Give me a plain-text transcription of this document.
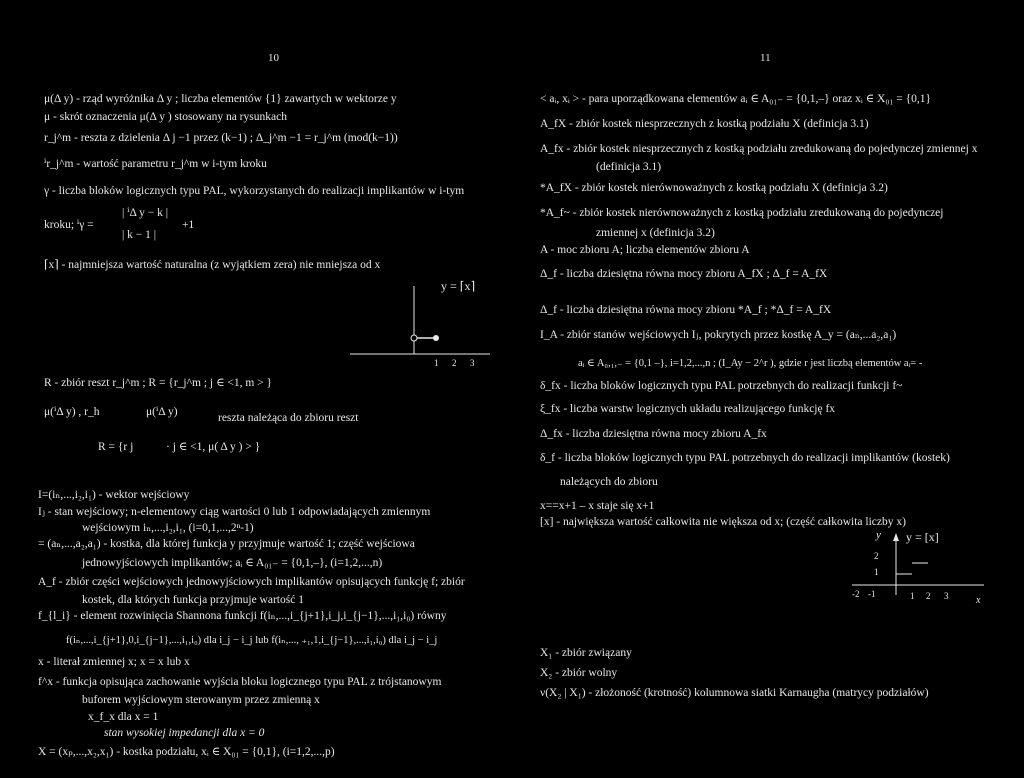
10
μ(Δ y) - rząd wyróżnika Δ y ; liczba elementów {1} zawartych w wektorze y
μ - skrót oznaczenia μ(Δ y ) stosowany na rysunkach
r_j^m - reszta z dzielenia Δ j −1 przez (k−1) ; Δ_j^m −1 = r_j^m (mod(k−1))
ⁱr_j^m - wartość parametru r_j^m w i-tym kroku
γ - liczba bloków logicznych typu PAL, wykorzystanych do realizacji implikantów w i-tym
kroku; ⁱγ =
| ⁱΔ y − k |
| k − 1 |
+1
⌈x⌉ - najmniejsza wartość naturalna (z wyjątkiem zera) nie mniejsza od x
y = ⌈x⌉
1 2 3
R - zbiór reszt r_j^m ; R = {r_j^m ; j ∈ <1, m > }
μ(ⁱΔ y) , r_h	μ(ⁱΔ y)	reszta należąca do zbioru reszt
R = {r j	· j ∈ <1, μ( Δ y ) > }
I=(iₙ,...,i₂,i₁) - wektor wejściowy
Iⱼ - stan wejściowy; n-elementowy ciąg wartości 0 lub 1 odpowiadających zmiennym
wejściowym iₙ,...,i₂,i₁, (i=0,1,...,2ⁿ-1)
= (aₙ,...,a₂,a₁) - kostka, dla której funkcja y przyjmuje wartość 1; część wejściowa
jednowyjściowych implikantów; aᵢ ∈ A₀₁₋ = {0,1,–}, (i=1,2,...,n)
A_f - zbiór części wejściowych jednowyjściowych implikantów opisujących funkcję f; zbiór
kostek, dla których funkcja przyjmuje wartość 1
f_{l_i} - element rozwinięcia Shannona funkcji f(iₙ,...,i_{j+1},i_j,i_{j−1},...,i₁,i₀) równy
f(iₙ,...,i_{j+1},0,i_{j−1},...,i₁,i₀) dla i_j − i_j lub f(iₙ,..., ₊₁,1,i_{j−1},...,i₁,i₀) dla i_j − i_j
x - literał zmiennej x; x = x lub x
f^x - funkcja opisująca zachowanie wyjścia bloku logicznego typu PAL z trójstanowym
buforem wyjściowym sterowanym przez zmienną x
x_f_x dla x = 1
stan wysokiej impedancji dla x = 0
X = (xₚ,...,x₂,x₁) - kostka podziału, xᵢ ∈ X₀₁ = {0,1}, (i=1,2,...,p)
11
< aᵢ, xᵢ > - para uporządkowana elementów aᵢ ∈ A₀₁₋ = {0,1,–} oraz xᵢ ∈ X₀₁ = {0,1}
A_fX - zbiór kostek niesprzecznych z kostką podziału X (definicja 3.1)
A_fx - zbiór kostek niesprzecznych z kostką podziału zredukowaną do pojedynczej zmiennej x
(definicja 3.1)
*A_fX - zbiór kostek nierównoważnych z kostką podziału X (definicja 3.2)
*A_f~ - zbiór kostek nierównoważnych z kostką podziału zredukowaną do pojedynczej
zmiennej x (definicja 3.2)
A - moc zbioru A; liczba elementów zbioru A
Δ_f - liczba dziesiętna równa mocy zbioru A_fX ; Δ_f = A_fX
Δ_f - liczba dziesiętna równa mocy zbioru *A_f ; *Δ_f = A_fX
I_A - zbiór stanów wejściowych Iⱼ, pokrytych przez kostkę A_y = (aₙ,...a₂,a₁)
aᵢ ∈ A₀,₁,₋ = {0,1 –}, i=1,2,...,n ; (I_Ay − 2^r ), gdzie r jest liczbą elementów aᵢ= -
δ_fx - liczba bloków logicznych typu PAL potrzebnych do realizacji funkcji f~
ξ_fx - liczba warstw logicznych układu realizującego funkcję fx
Δ_fx - liczba dziesiętna równa mocy zbioru A_fx
δ_f - liczba bloków logicznych typu PAL potrzebnych do realizacji implikantów (kostek)
należących do zbioru
x==x+1 – x staje się x+1
[x] - największa wartość całkowita nie większa od x; (część całkowita liczby x)
y y = [x]
2
1
-2 -1	1 2 3	x
X₁ - zbiór związany
X₂ - zbiór wolny
ν(X₂ | X₁) - złożoność (krotność) kolumnowa siatki Karnaugha (matrycy podziałów)
